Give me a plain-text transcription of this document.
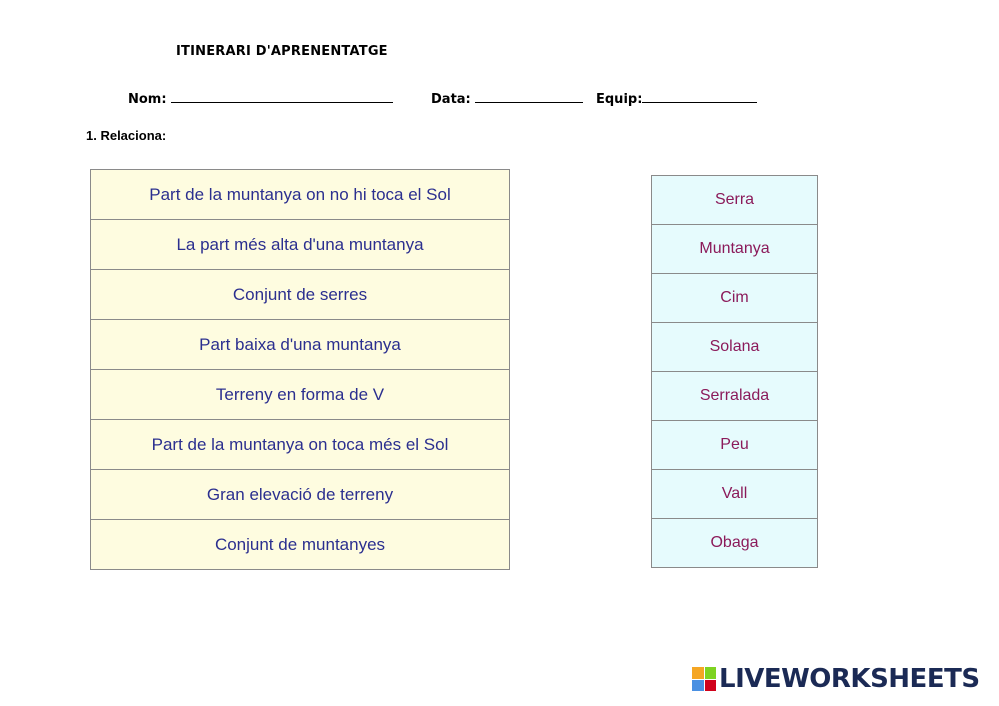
ITINERARI D'APRENENTATGE
Nom:	Data:	Equip:
1. Relaciona:
Part de la muntanya on no hi toca el Sol
La part més alta d'una muntanya
Conjunt de serres
Part baixa d'una muntanya
Terreny en forma de V
Part de la muntanya on toca més el Sol
Gran elevació de terreny
Conjunt de muntanyes
Serra
Muntanya
Cim
Solana
Serralada
Peu
Vall
Obaga
LIVEWORKSHEETS
